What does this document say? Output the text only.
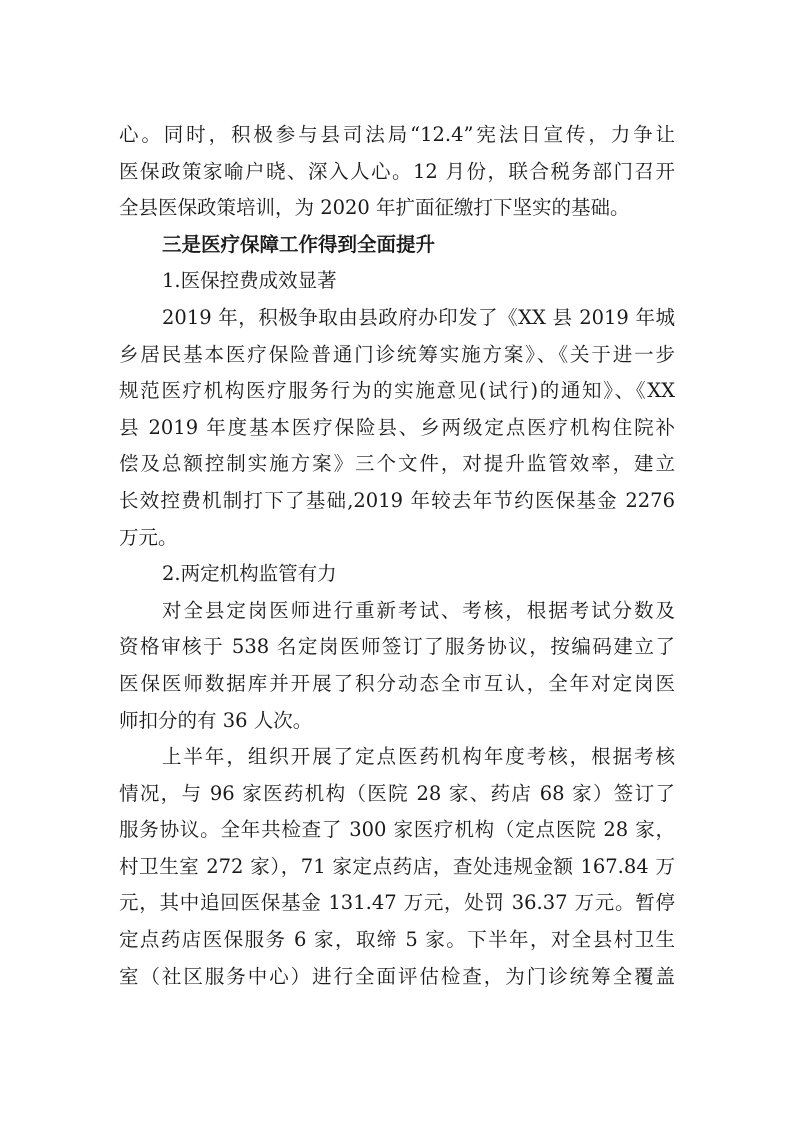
心。同时，积极参与县司法局“12.4”宪法日宣传，力争让
医保政策家喻户晓、深入人心。12 月份，联合税务部门召开
全县医保政策培训，为 2020 年扩面征缴打下坚实的基础。
三是医疗保障工作得到全面提升
1.医保控费成效显著
2019 年，积极争取由县政府办印发了《XX 县 2019 年城
乡居民基本医疗保险普通门诊统筹实施方案》、《关于进一步
规范医疗机构医疗服务行为的实施意见(试行)的通知》、《XX
县 2019 年度基本医疗保险县、乡两级定点医疗机构住院补
偿及总额控制实施方案》三个文件，对提升监管效率，建立
长效控费机制打下了基础,2019 年较去年节约医保基金 2276
万元。
2.两定机构监管有力
对全县定岗医师进行重新考试、考核，根据考试分数及
资格审核于 538 名定岗医师签订了服务协议，按编码建立了
医保医师数据库并开展了积分动态全市互认，全年对定岗医
师扣分的有 36 人次。
上半年，组织开展了定点医药机构年度考核，根据考核
情况，与 96 家医药机构（医院 28 家、药店 68 家）签订了
服务协议。全年共检查了 300 家医疗机构（定点医院 28 家，
村卫生室 272 家），71 家定点药店，查处违规金额 167.84 万
元，其中追回医保基金 131.47 万元，处罚 36.37 万元。暂停
定点药店医保服务 6 家，取缔 5 家。下半年，对全县村卫生
室（社区服务中心）进行全面评估检查，为门诊统筹全覆盖
